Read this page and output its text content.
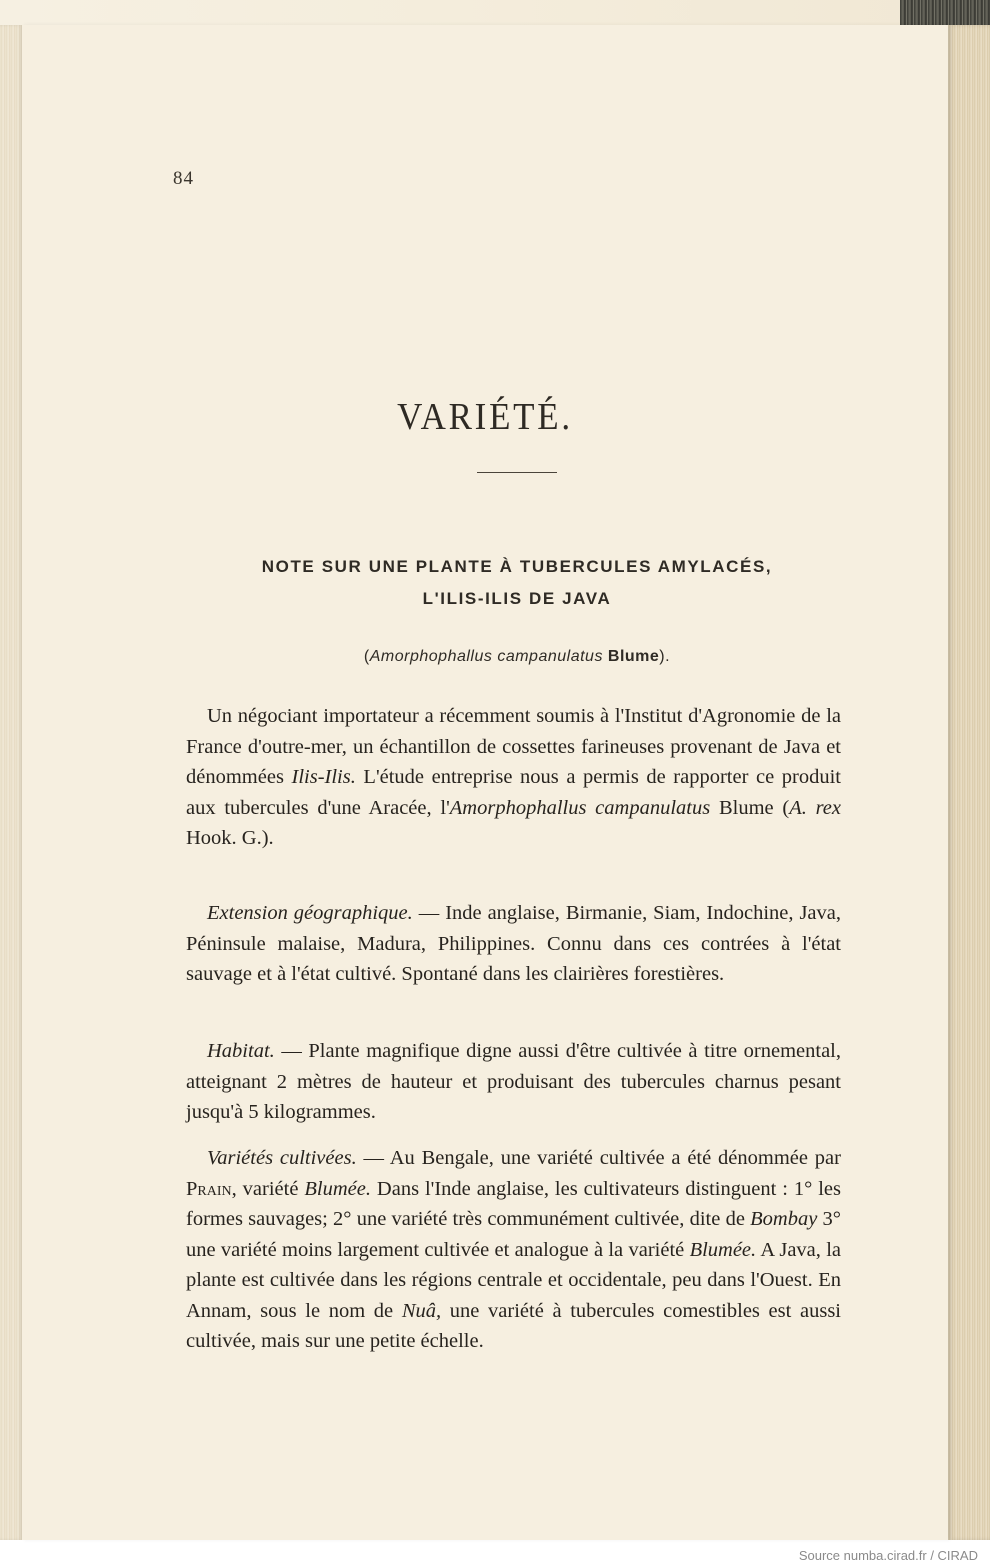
84
VARIÉTÉ.
NOTE SUR UNE PLANTE À TUBERCULES AMYLACÉS,
L'ILIS-ILIS DE JAVA
(Amorphophallus campanulatus Blume).

Un négociant importateur a récemment soumis à l'Institut d'Agronomie de la France d'outre-mer, un échantillon de cossettes farineuses provenant de Java et dénommées Ilis-Ilis. L'étude entreprise nous a permis de rapporter ce produit aux tubercules d'une Aracée, l'Amorphophallus campanulatus Blume (A. rex Hook. G.).

Extension géographique. — Inde anglaise, Birmanie, Siam, Indochine, Java, Péninsule malaise, Madura, Philippines. Connu dans ces contrées à l'état sauvage et à l'état cultivé. Spontané dans les clairières forestières.

Habitat. — Plante magnifique digne aussi d'être cultivée à titre ornemental, atteignant 2 mètres de hauteur et produisant des tubercules charnus pesant jusqu'à 5 kilogrammes.

Variétés cultivées. — Au Bengale, une variété cultivée a été dénommée par Prain, variété Blumée. Dans l'Inde anglaise, les cultivateurs distinguent : 1° les formes sauvages; 2° une variété très communément cultivée, dite de Bombay 3° une variété moins largement cultivée et analogue à la variété Blumée. A Java, la plante est cultivée dans les régions centrale et occidentale, peu dans l'Ouest. En Annam, sous le nom de Nuâ, une variété à tubercules comestibles est aussi cultivée, mais sur une petite échelle.

Source numba.cirad.fr / CIRAD
